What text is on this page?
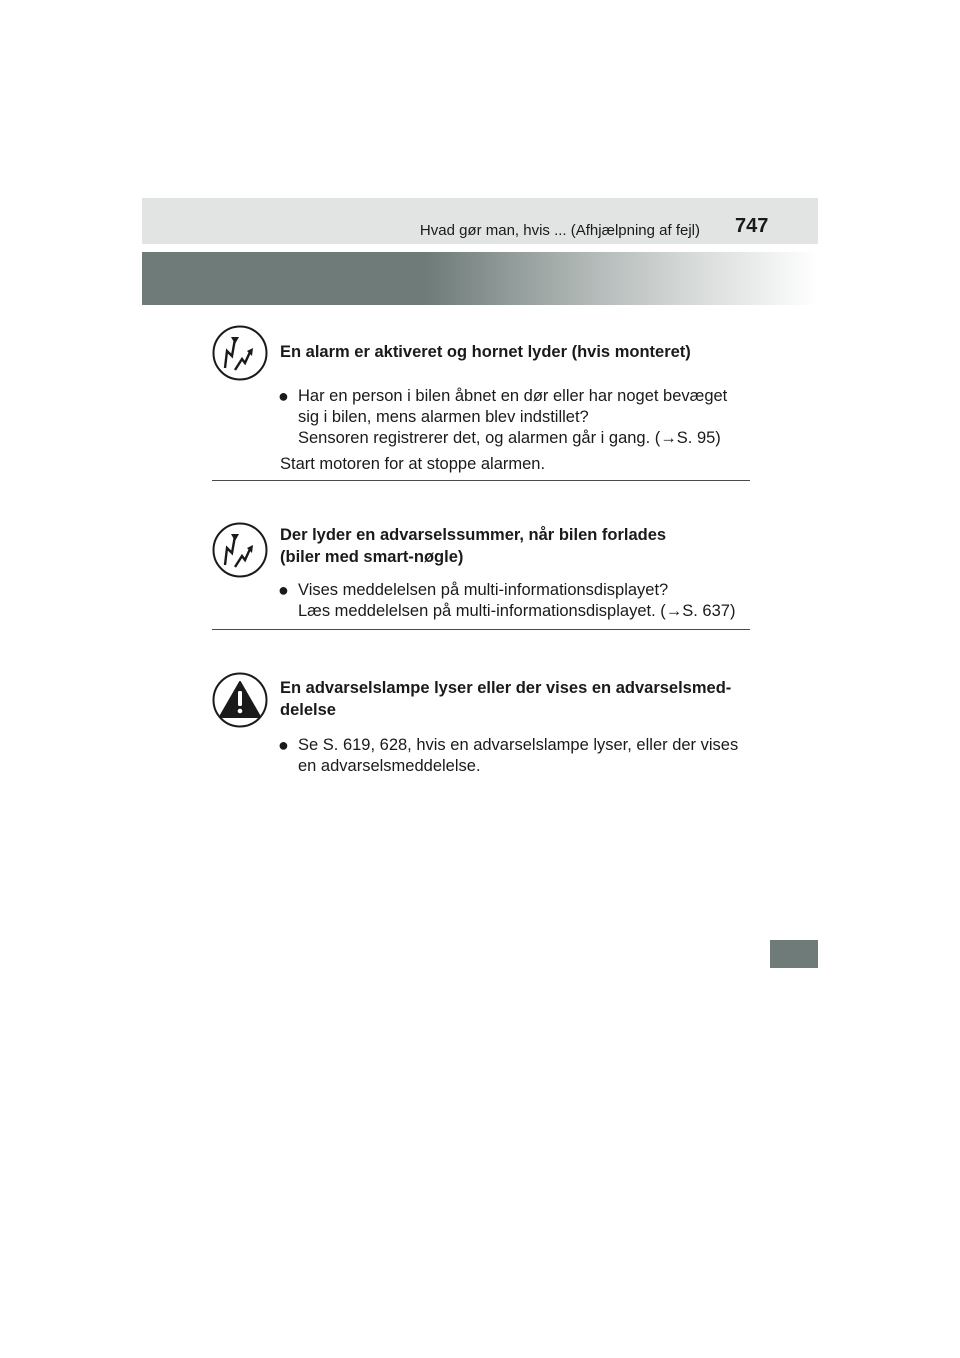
Hvad gør man, hvis ... (Afhjælpning af fejl) 747
En alarm er aktiveret og hornet lyder (hvis monteret)
● Har en person i bilen åbnet en dør eller har noget bevæget
sig i bilen, mens alarmen blev indstillet?
Sensoren registrerer det, og alarmen går i gang. (→S. 95)
Start motoren for at stoppe alarmen.
Der lyder en advarselssummer, når bilen forlades
(biler med smart-nøgle)
● Vises meddelelsen på multi-informationsdisplayet?
Læs meddelelsen på multi-informationsdisplayet. (→S. 637)
En advarselslampe lyser eller der vises en advarselsmed-
delelse
● Se S. 619, 628, hvis en advarselslampe lyser, eller der vises
en advarselsmeddelelse.
